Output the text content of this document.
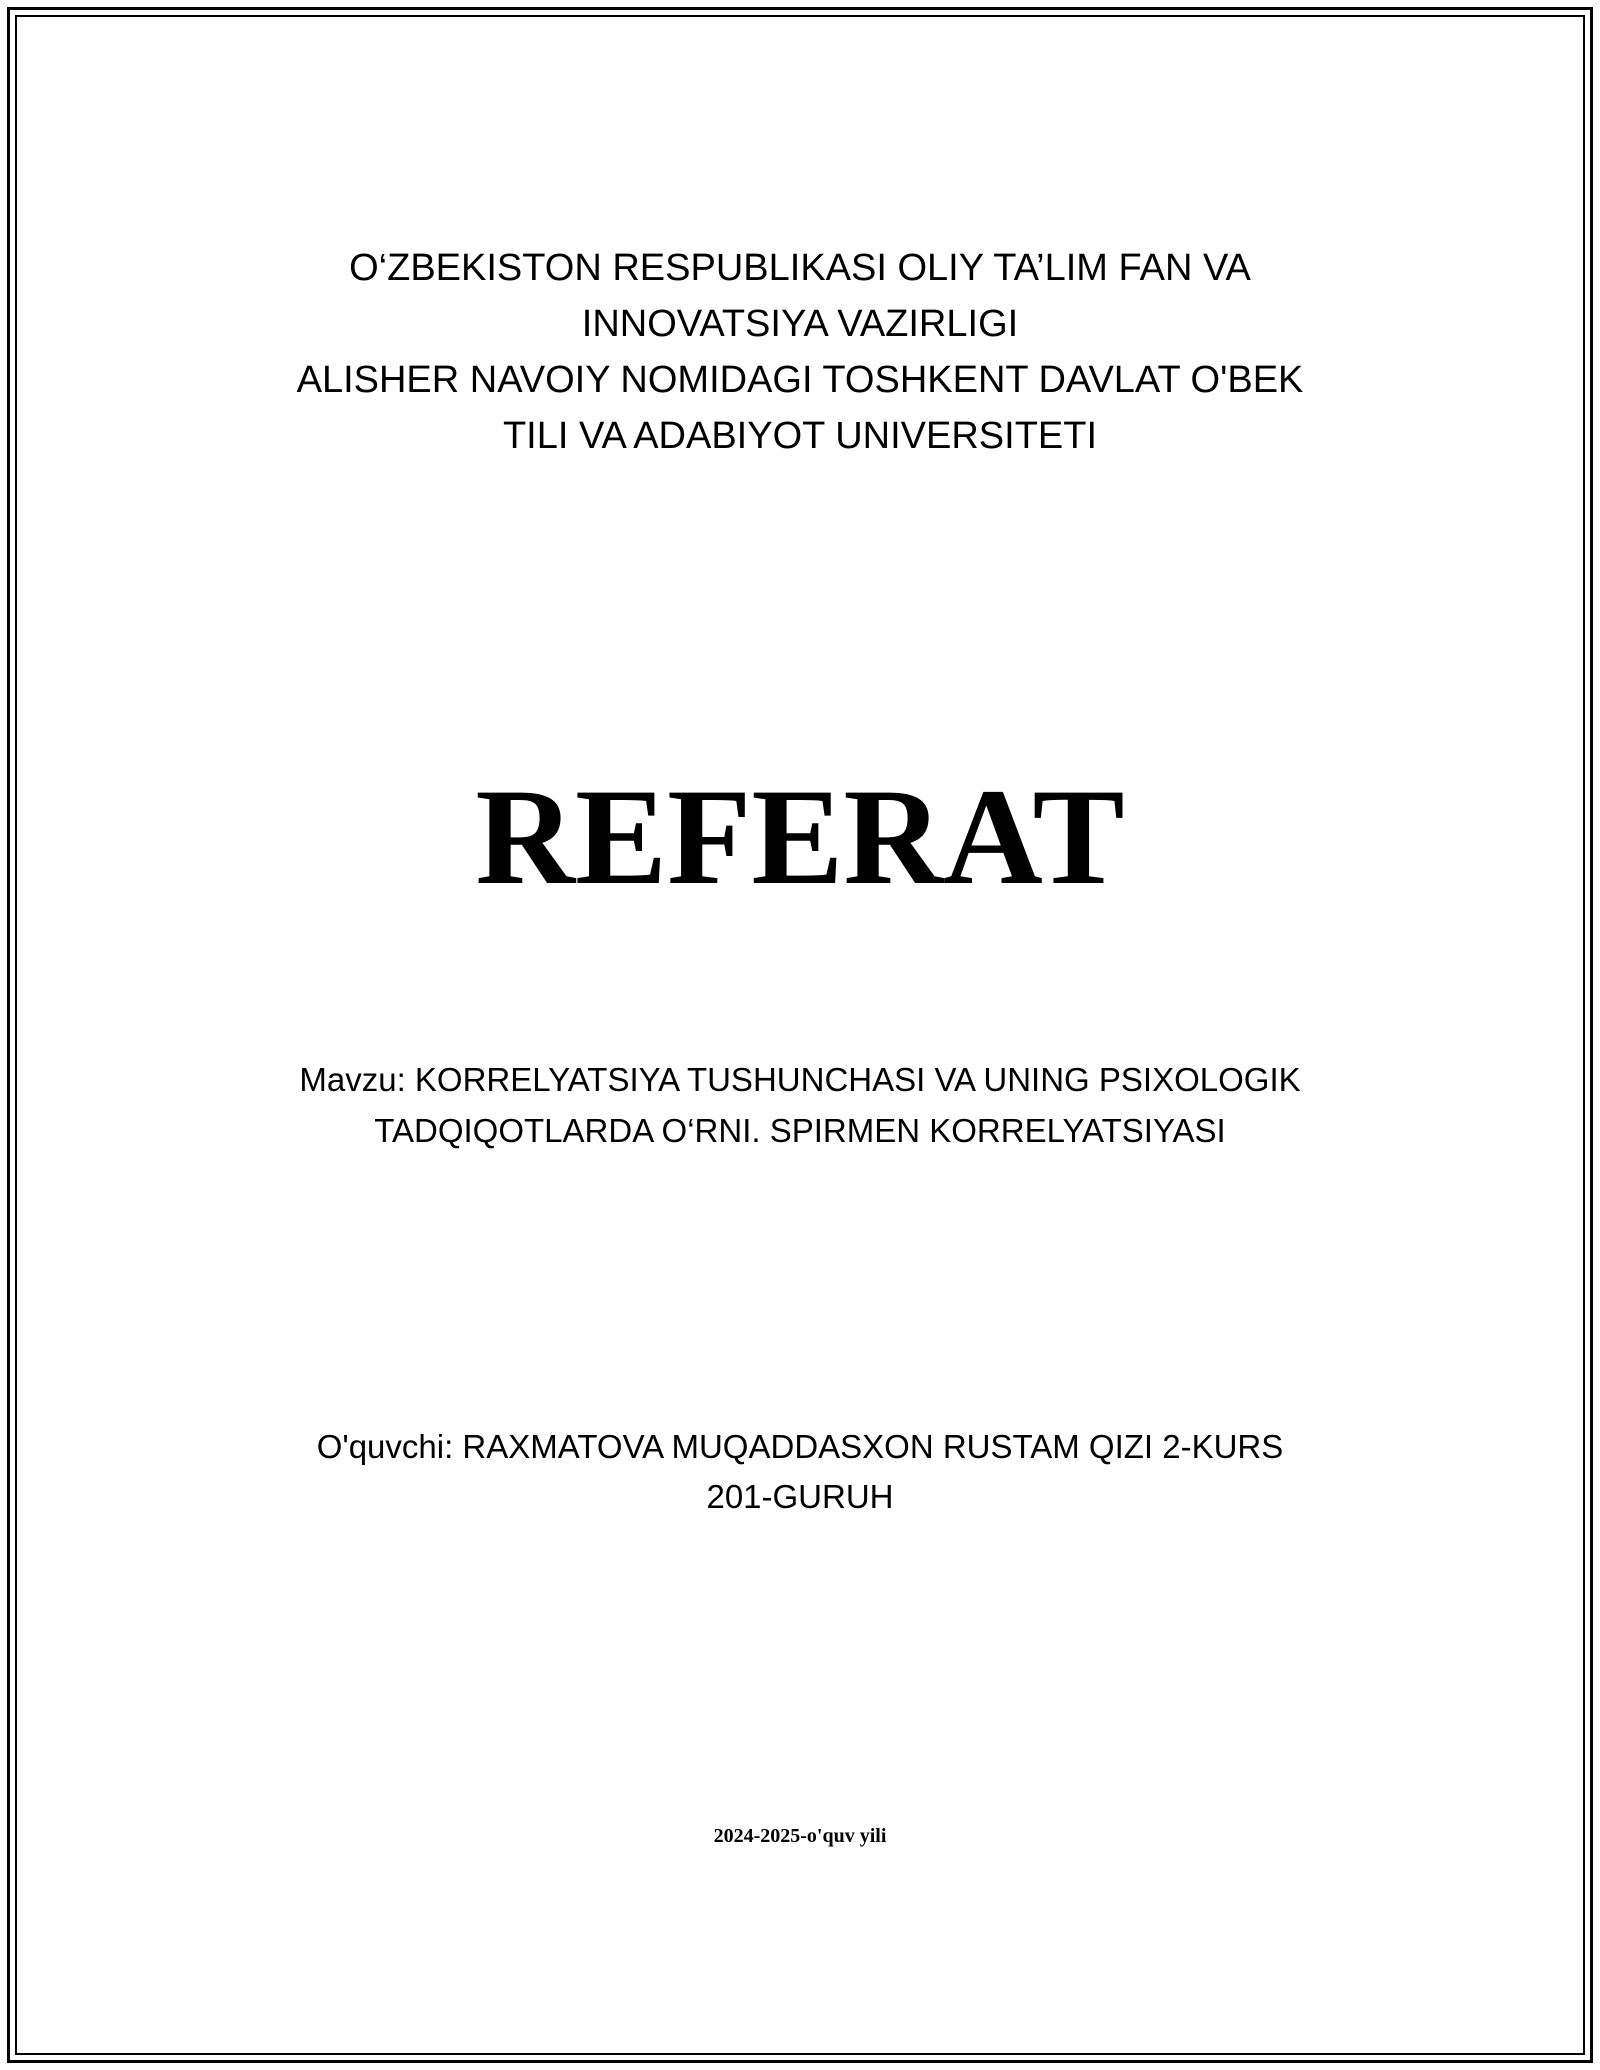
O‘ZBEKISTON RESPUBLIKASI OLIY TA’LIM FAN VA
INNOVATSIYA VAZIRLIGI
ALISHER NAVOIY NOMIDAGI TOSHKENT DAVLAT O'BEK
TILI VA ADABIYOT UNIVERSITETI
REFERAT
Mavzu: KORRELYATSIYA TUSHUNCHASI VA UNING PSIXOLOGIK
TADQIQOTLARDA O‘RNI. SPIRMEN KORRELYATSIYASI
O'quvchi: RAXMATOVA MUQADDASXON RUSTAM QIZI 2-KURS
201-GURUH
2024-2025-o'quv yili
